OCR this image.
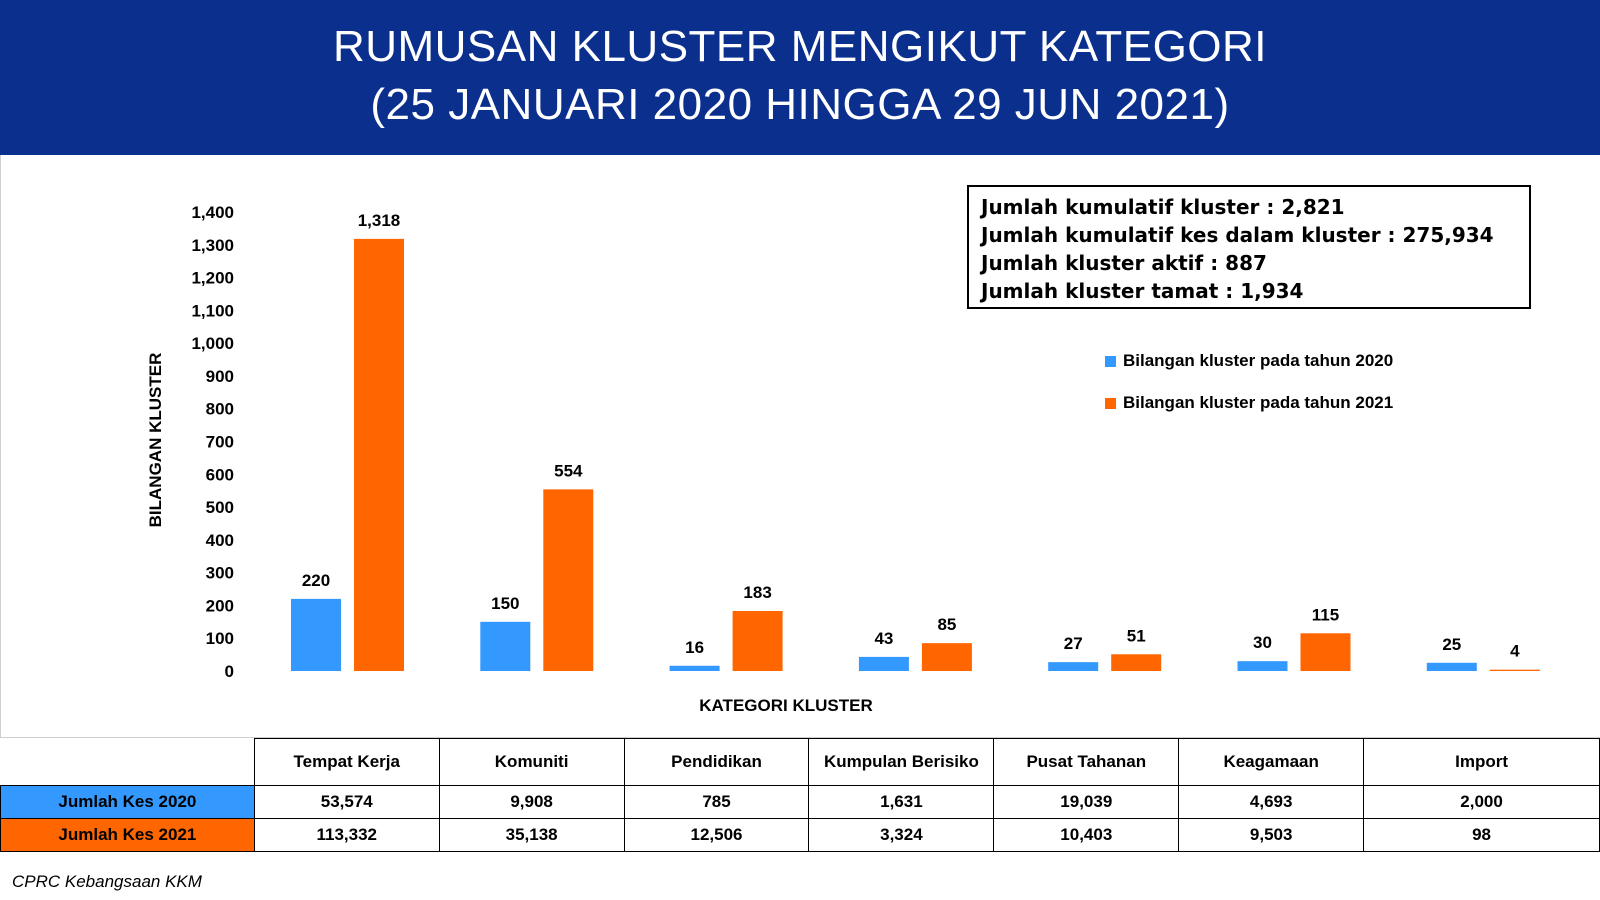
RUMUSAN KLUSTER MENGIKUT KATEGORI
(25 JANUARI 2020 HINGGA 29 JUN 2021)
0
100
200
300
400
500
600
700
800
900
1,000
1,100
1,200
1,300
1,400
BILANGAN KLUSTER
KATEGORI KLUSTER
220
1,318
150
554
16
183
43
85
27	51	30
115
25	4
Jumlah kumulatif kluster : 2,821
Jumlah kumulatif kes dalam kluster : 275,934
Jumlah kluster aktif : 887
Jumlah kluster tamat : 1,934
Bilangan kluster pada tahun 2020
Bilangan kluster pada tahun 2021
	Tempat Kerja	Komuniti	Pendidikan	Kumpulan Berisiko	Pusat Tahanan	Keagamaan	Import
Jumlah Kes 2020	53,574	9,908	785	1,631	19,039	4,693	2,000
Jumlah Kes 2021	113,332	35,138	12,506	3,324	10,403	9,503	98
CPRC Kebangsaan KKM
